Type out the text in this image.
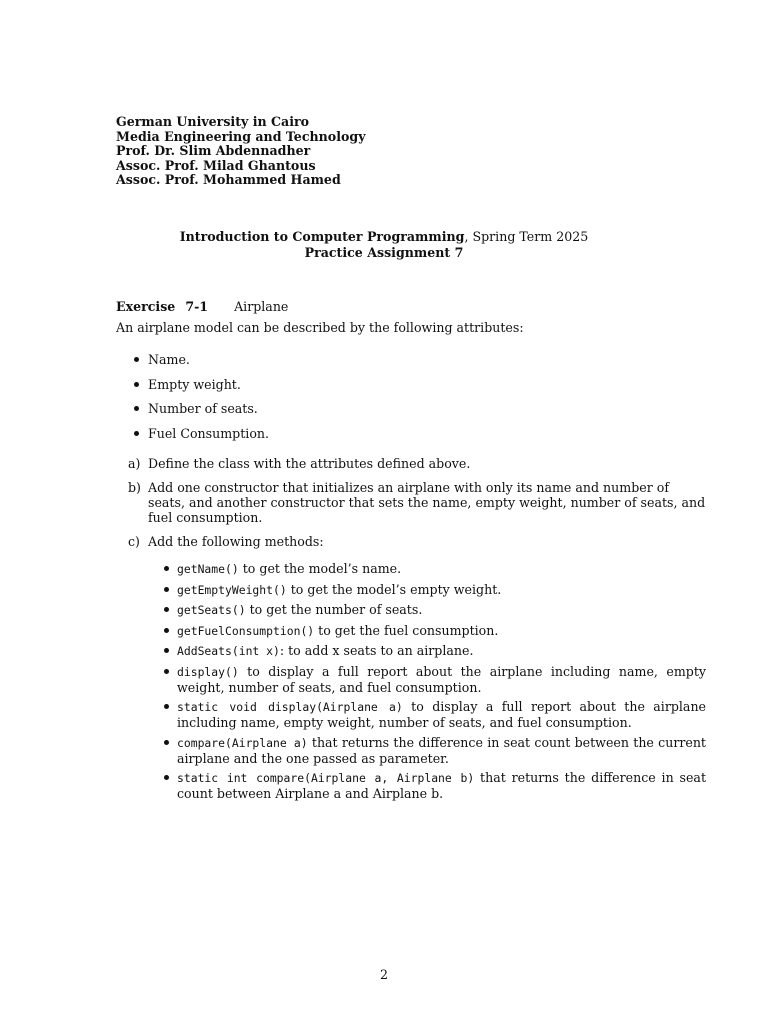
German University in Cairo
Media Engineering and Technology
Prof. Dr. Slim Abdennadher
Assoc. Prof. Milad Ghantous
Assoc. Prof. Mohammed Hamed
Introduction to Computer Programming, Spring Term 2025
Practice Assignment 7
Exercise 7-1 Airplane
An airplane model can be described by the following attributes:
Name.
Empty weight.
Number of seats.
Fuel Consumption.
a) Define the class with the attributes defined above.
b) Add one constructor that initializes an airplane with only its name and number of seats, and another constructor that sets the name, empty weight, number of seats, and fuel consumption.
c) Add the following methods:
getName() to get the model’s name.
getEmptyWeight() to get the model’s empty weight.
getSeats() to get the number of seats.
getFuelConsumption() to get the fuel consumption.
AddSeats(int x): to add x seats to an airplane.
display() to display a full report about the airplane including name, empty weight, number of seats, and fuel consumption.
static void display(Airplane a) to display a full report about the airplane including name, empty weight, number of seats, and fuel consumption.
compare(Airplane a) that returns the difference in seat count between the current airplane and the one passed as parameter.
static int compare(Airplane a, Airplane b) that returns the difference in seat count between Airplane a and Airplane b.
2
